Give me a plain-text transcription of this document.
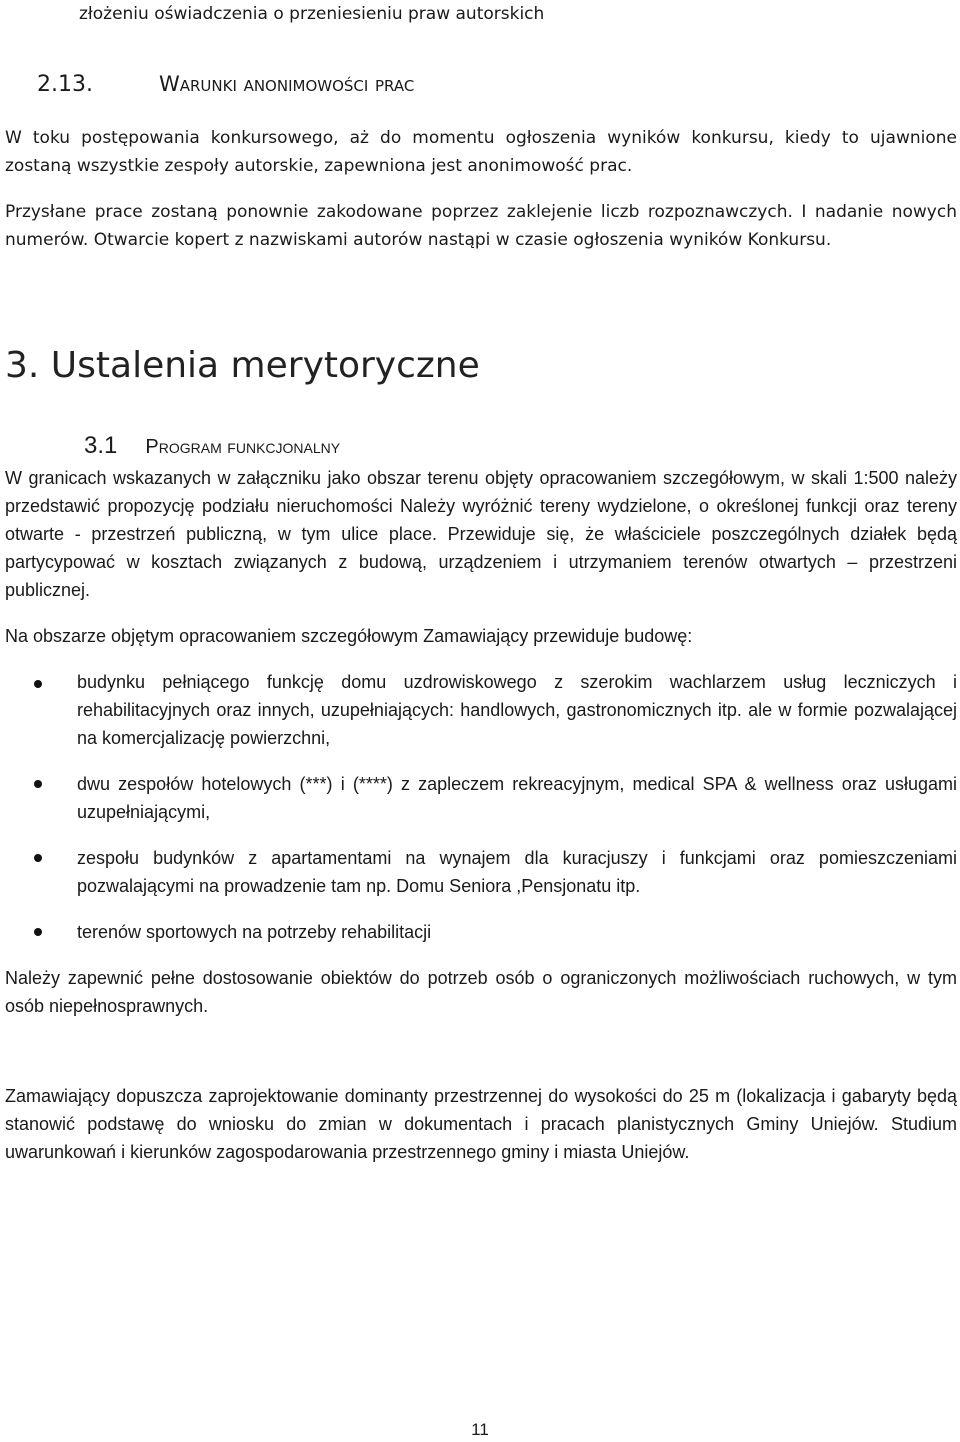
złożeniu oświadczenia o przeniesieniu praw autorskich
2.13.	Warunki anonimowości prac
W toku postępowania konkursowego, aż do momentu ogłoszenia wyników konkursu, kiedy to ujawnione zostaną wszystkie zespoły autorskie, zapewniona jest anonimowość prac.
Przysłane prace zostaną ponownie zakodowane poprzez zaklejenie liczb rozpoznawczych. I nadanie nowych numerów. Otwarcie kopert z nazwiskami autorów nastąpi w czasie ogłoszenia wyników Konkursu.
3. Ustalenia merytoryczne
3.1 Program funkcjonalny
W granicach wskazanych w załączniku jako obszar terenu objęty opracowaniem szczegółowym, w skali 1:500 należy przedstawić propozycję podziału nieruchomości Należy wyróżnić tereny wydzielone, o określonej funkcji oraz tereny otwarte - przestrzeń publiczną, w tym ulice place. Przewiduje się, że właściciele poszczególnych działek będą partycypować w kosztach związanych z budową, urządzeniem i utrzymaniem terenów otwartych – przestrzeni publicznej.
Na obszarze objętym opracowaniem szczegółowym Zamawiający przewiduje budowę:
budynku pełniącego funkcję domu uzdrowiskowego z szerokim wachlarzem usług leczniczych i rehabilitacyjnych oraz innych, uzupełniających: handlowych, gastronomicznych itp. ale w formie pozwalającej na komercjalizację powierzchni,
dwu zespołów hotelowych (***) i (****) z zapleczem rekreacyjnym, medical SPA & wellness oraz usługami uzupełniającymi,
zespołu budynków z apartamentami na wynajem dla kuracjuszy i funkcjami oraz pomieszczeniami pozwalającymi na prowadzenie tam np. Domu Seniora ,Pensjonatu itp.
terenów sportowych na potrzeby rehabilitacji
Należy zapewnić pełne dostosowanie obiektów do potrzeb osób o ograniczonych możliwościach ruchowych, w tym osób niepełnosprawnych.
Zamawiający dopuszcza zaprojektowanie dominanty przestrzennej do wysokości do 25 m (lokalizacja i gabaryty będą stanowić podstawę do wniosku do zmian w dokumentach i pracach planistycznych Gminy Uniejów. Studium uwarunkowań i kierunków zagospodarowania przestrzennego gminy i miasta Uniejów.
11
